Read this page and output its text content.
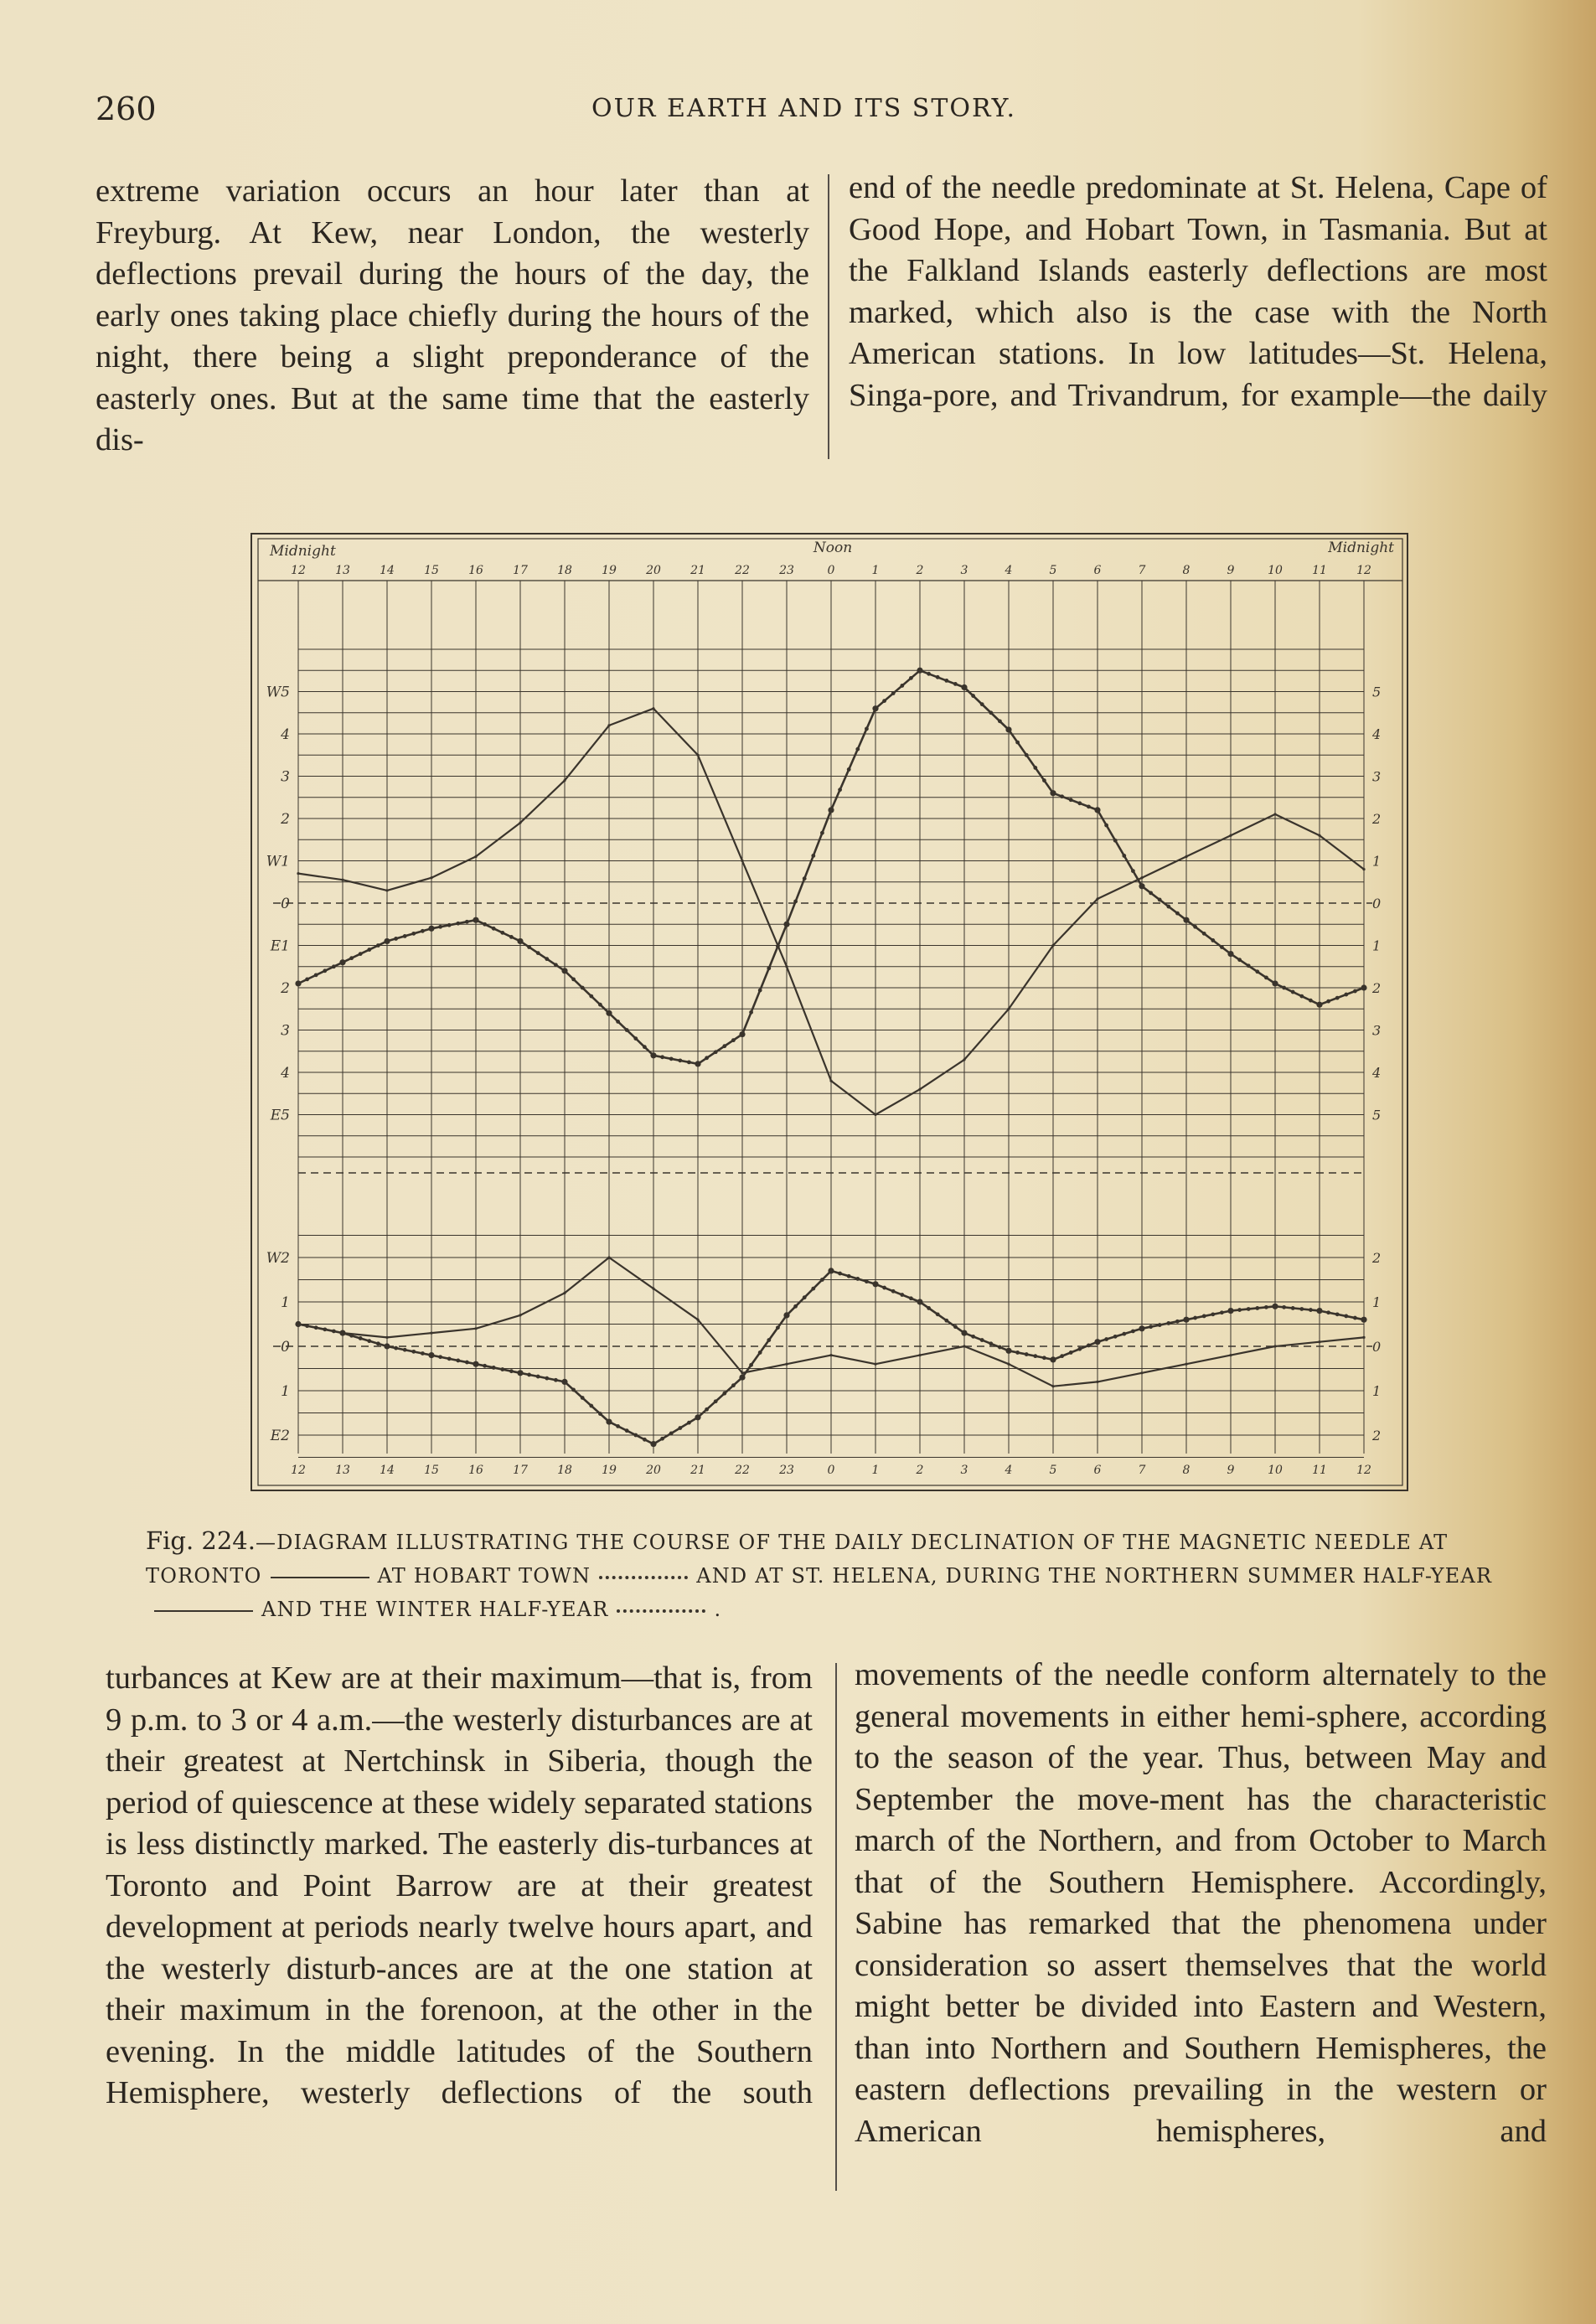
260	OUR EARTH AND ITS STORY.

extreme variation occurs an hour later than at Freyburg. At Kew, near London, the westerly deflections prevail during the hours of the day, the early ones taking place chiefly during the hours of the night, there being a slight preponderance of the easterly ones. But at the same time that the easterly dis-

end of the needle predominate at St. Helena, Cape of Good Hope, and Hobart Town, in Tasmania. But at the Falkland Islands easterly deflections are most marked, which also is the case with the North American stations. In low latitudes—St. Helena, Singa-pore, and Trivandrum, for example—the daily

Midnight	Noon	Midnight
12
12
13
13
14
14
15
15
16
16
17
17
18
18
19
19
20
20
21
21
22
22
23
23
0
0
1
1
2
2
3
3
4
4
5
5
6
6
7
7
8
8
9
9
10
10
11
11
12
12
W5
4
3
2
W1
0
E1
2
3
4
E5
5
4
3
2
1
0
1
2
3
4
5
W2
1
0
1
E2
2
1
0
1
2

Fig. 224.—DIAGRAM ILLUSTRATING THE COURSE OF THE DAILY DECLINATION OF THE MAGNETIC NEEDLE AT TORONTO	AT HOBART TOWN	AND AT ST. HELENA, DURING THE NORTHERN SUMMER HALF-YEARAND THE WINTER HALF-YEAR	.

turbances at Kew are at their maximum—that is, from 9 p.m. to 3 or 4 a.m.—the westerly disturbances are at their greatest at Nertchinsk in Siberia, though the period of quiescence at these widely separated stations is less distinctly marked. The easterly dis-turbances at Toronto and Point Barrow are at their greatest development at periods nearly twelve hours apart, and the westerly disturb-ances are at the one station at their maximum in the forenoon, at the other in the evening. In the middle latitudes of the Southern Hemisphere, westerly deflections of the south

movements of the needle conform alternately to the general movements in either hemi-sphere, according to the season of the year. Thus, between May and September the move-ment has the characteristic march of the Northern, and from October to March that of the Southern Hemisphere. Accordingly, Sabine has remarked that the phenomena under consideration so assert themselves that the world might better be divided into Eastern and Western, than into Northern and Southern Hemispheres, the eastern deflections prevailing in the western or American hemispheres, and
